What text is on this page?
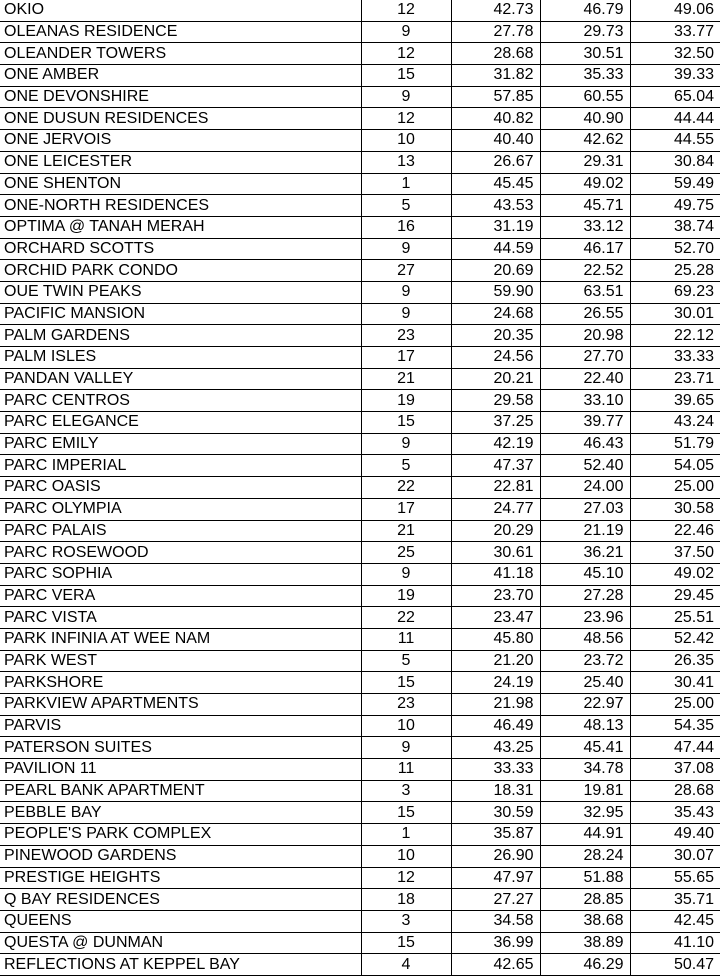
OKIO	12	42.73	46.79	49.06
OLEANAS RESIDENCE	9	27.78	29.73	33.77
OLEANDER TOWERS	12	28.68	30.51	32.50
ONE AMBER	15	31.82	35.33	39.33
ONE DEVONSHIRE	9	57.85	60.55	65.04
ONE DUSUN RESIDENCES	12	40.82	40.90	44.44
ONE JERVOIS	10	40.40	42.62	44.55
ONE LEICESTER	13	26.67	29.31	30.84
ONE SHENTON	1	45.45	49.02	59.49
ONE-NORTH RESIDENCES	5	43.53	45.71	49.75
OPTIMA @ TANAH MERAH	16	31.19	33.12	38.74
ORCHARD SCOTTS	9	44.59	46.17	52.70
ORCHID PARK CONDO	27	20.69	22.52	25.28
OUE TWIN PEAKS	9	59.90	63.51	69.23
PACIFIC MANSION	9	24.68	26.55	30.01
PALM GARDENS	23	20.35	20.98	22.12
PALM ISLES	17	24.56	27.70	33.33
PANDAN VALLEY	21	20.21	22.40	23.71
PARC CENTROS	19	29.58	33.10	39.65
PARC ELEGANCE	15	37.25	39.77	43.24
PARC EMILY	9	42.19	46.43	51.79
PARC IMPERIAL	5	47.37	52.40	54.05
PARC OASIS	22	22.81	24.00	25.00
PARC OLYMPIA	17	24.77	27.03	30.58
PARC PALAIS	21	20.29	21.19	22.46
PARC ROSEWOOD	25	30.61	36.21	37.50
PARC SOPHIA	9	41.18	45.10	49.02
PARC VERA	19	23.70	27.28	29.45
PARC VISTA	22	23.47	23.96	25.51
PARK INFINIA AT WEE NAM	11	45.80	48.56	52.42
PARK WEST	5	21.20	23.72	26.35
PARKSHORE	15	24.19	25.40	30.41
PARKVIEW APARTMENTS	23	21.98	22.97	25.00
PARVIS	10	46.49	48.13	54.35
PATERSON SUITES	9	43.25	45.41	47.44
PAVILION 11	11	33.33	34.78	37.08
PEARL BANK APARTMENT	3	18.31	19.81	28.68
PEBBLE BAY	15	30.59	32.95	35.43
PEOPLE'S PARK COMPLEX	1	35.87	44.91	49.40
PINEWOOD GARDENS	10	26.90	28.24	30.07
PRESTIGE HEIGHTS	12	47.97	51.88	55.65
Q BAY RESIDENCES	18	27.27	28.85	35.71
QUEENS	3	34.58	38.68	42.45
QUESTA @ DUNMAN	15	36.99	38.89	41.10
REFLECTIONS AT KEPPEL BAY	4	42.65	46.29	50.47
